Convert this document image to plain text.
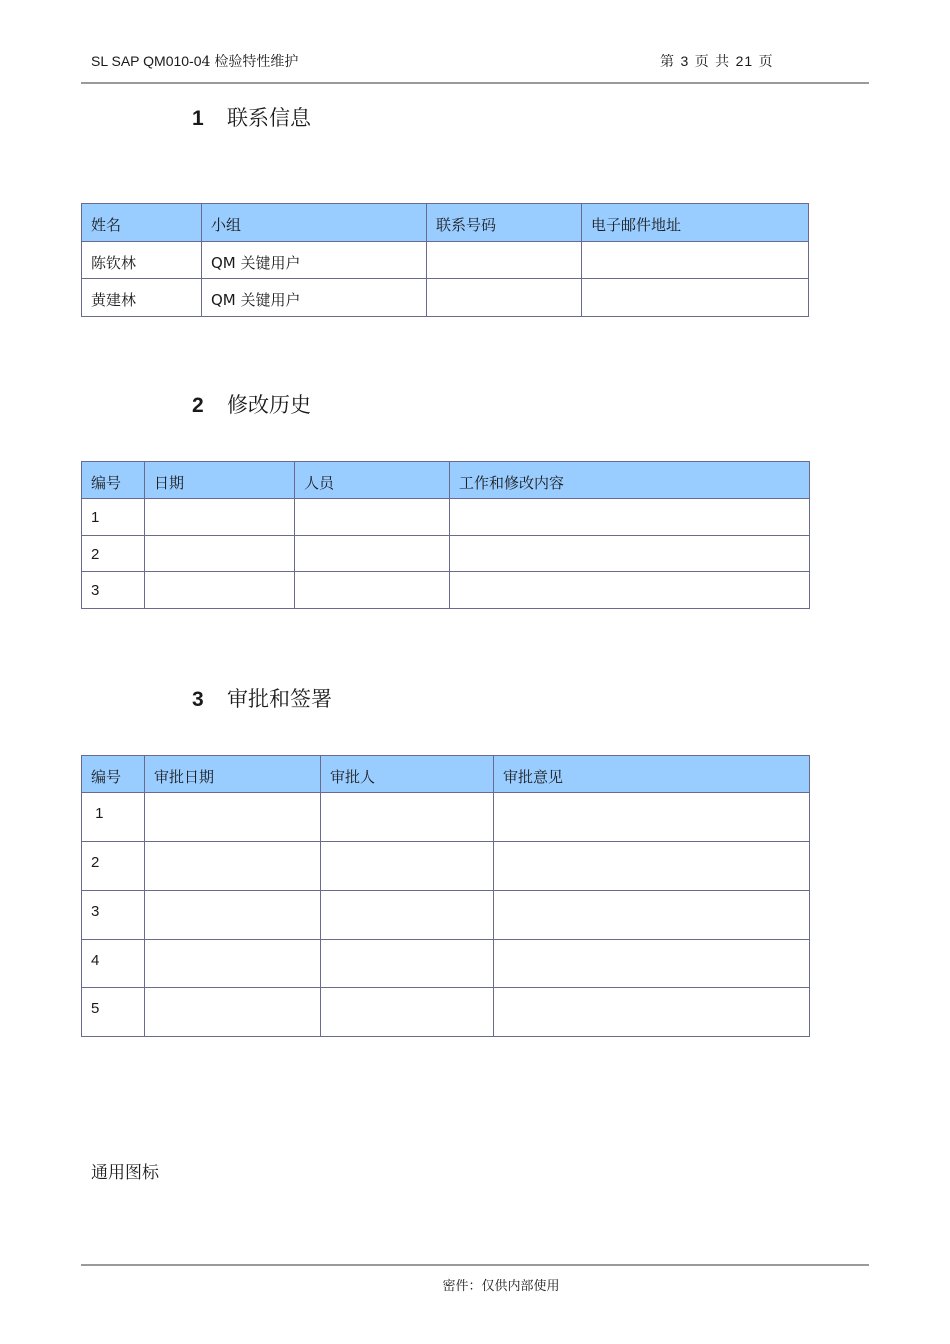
SL SAP QM010-04 检验特性维护	第 3 页 共 21 页
1	联系信息
姓名	小组	联系号码	电子邮件地址
陈钦林	QM 关键用户		
黄建林	QM 关键用户		
2	修改历史
编号	日期	人员	工作和修改内容
1			
2			
3			
3	审批和签署
编号	审批日期	审批人	审批意见
1			
2			
3			
4			
5			
通用图标
密件：仅供内部使用
